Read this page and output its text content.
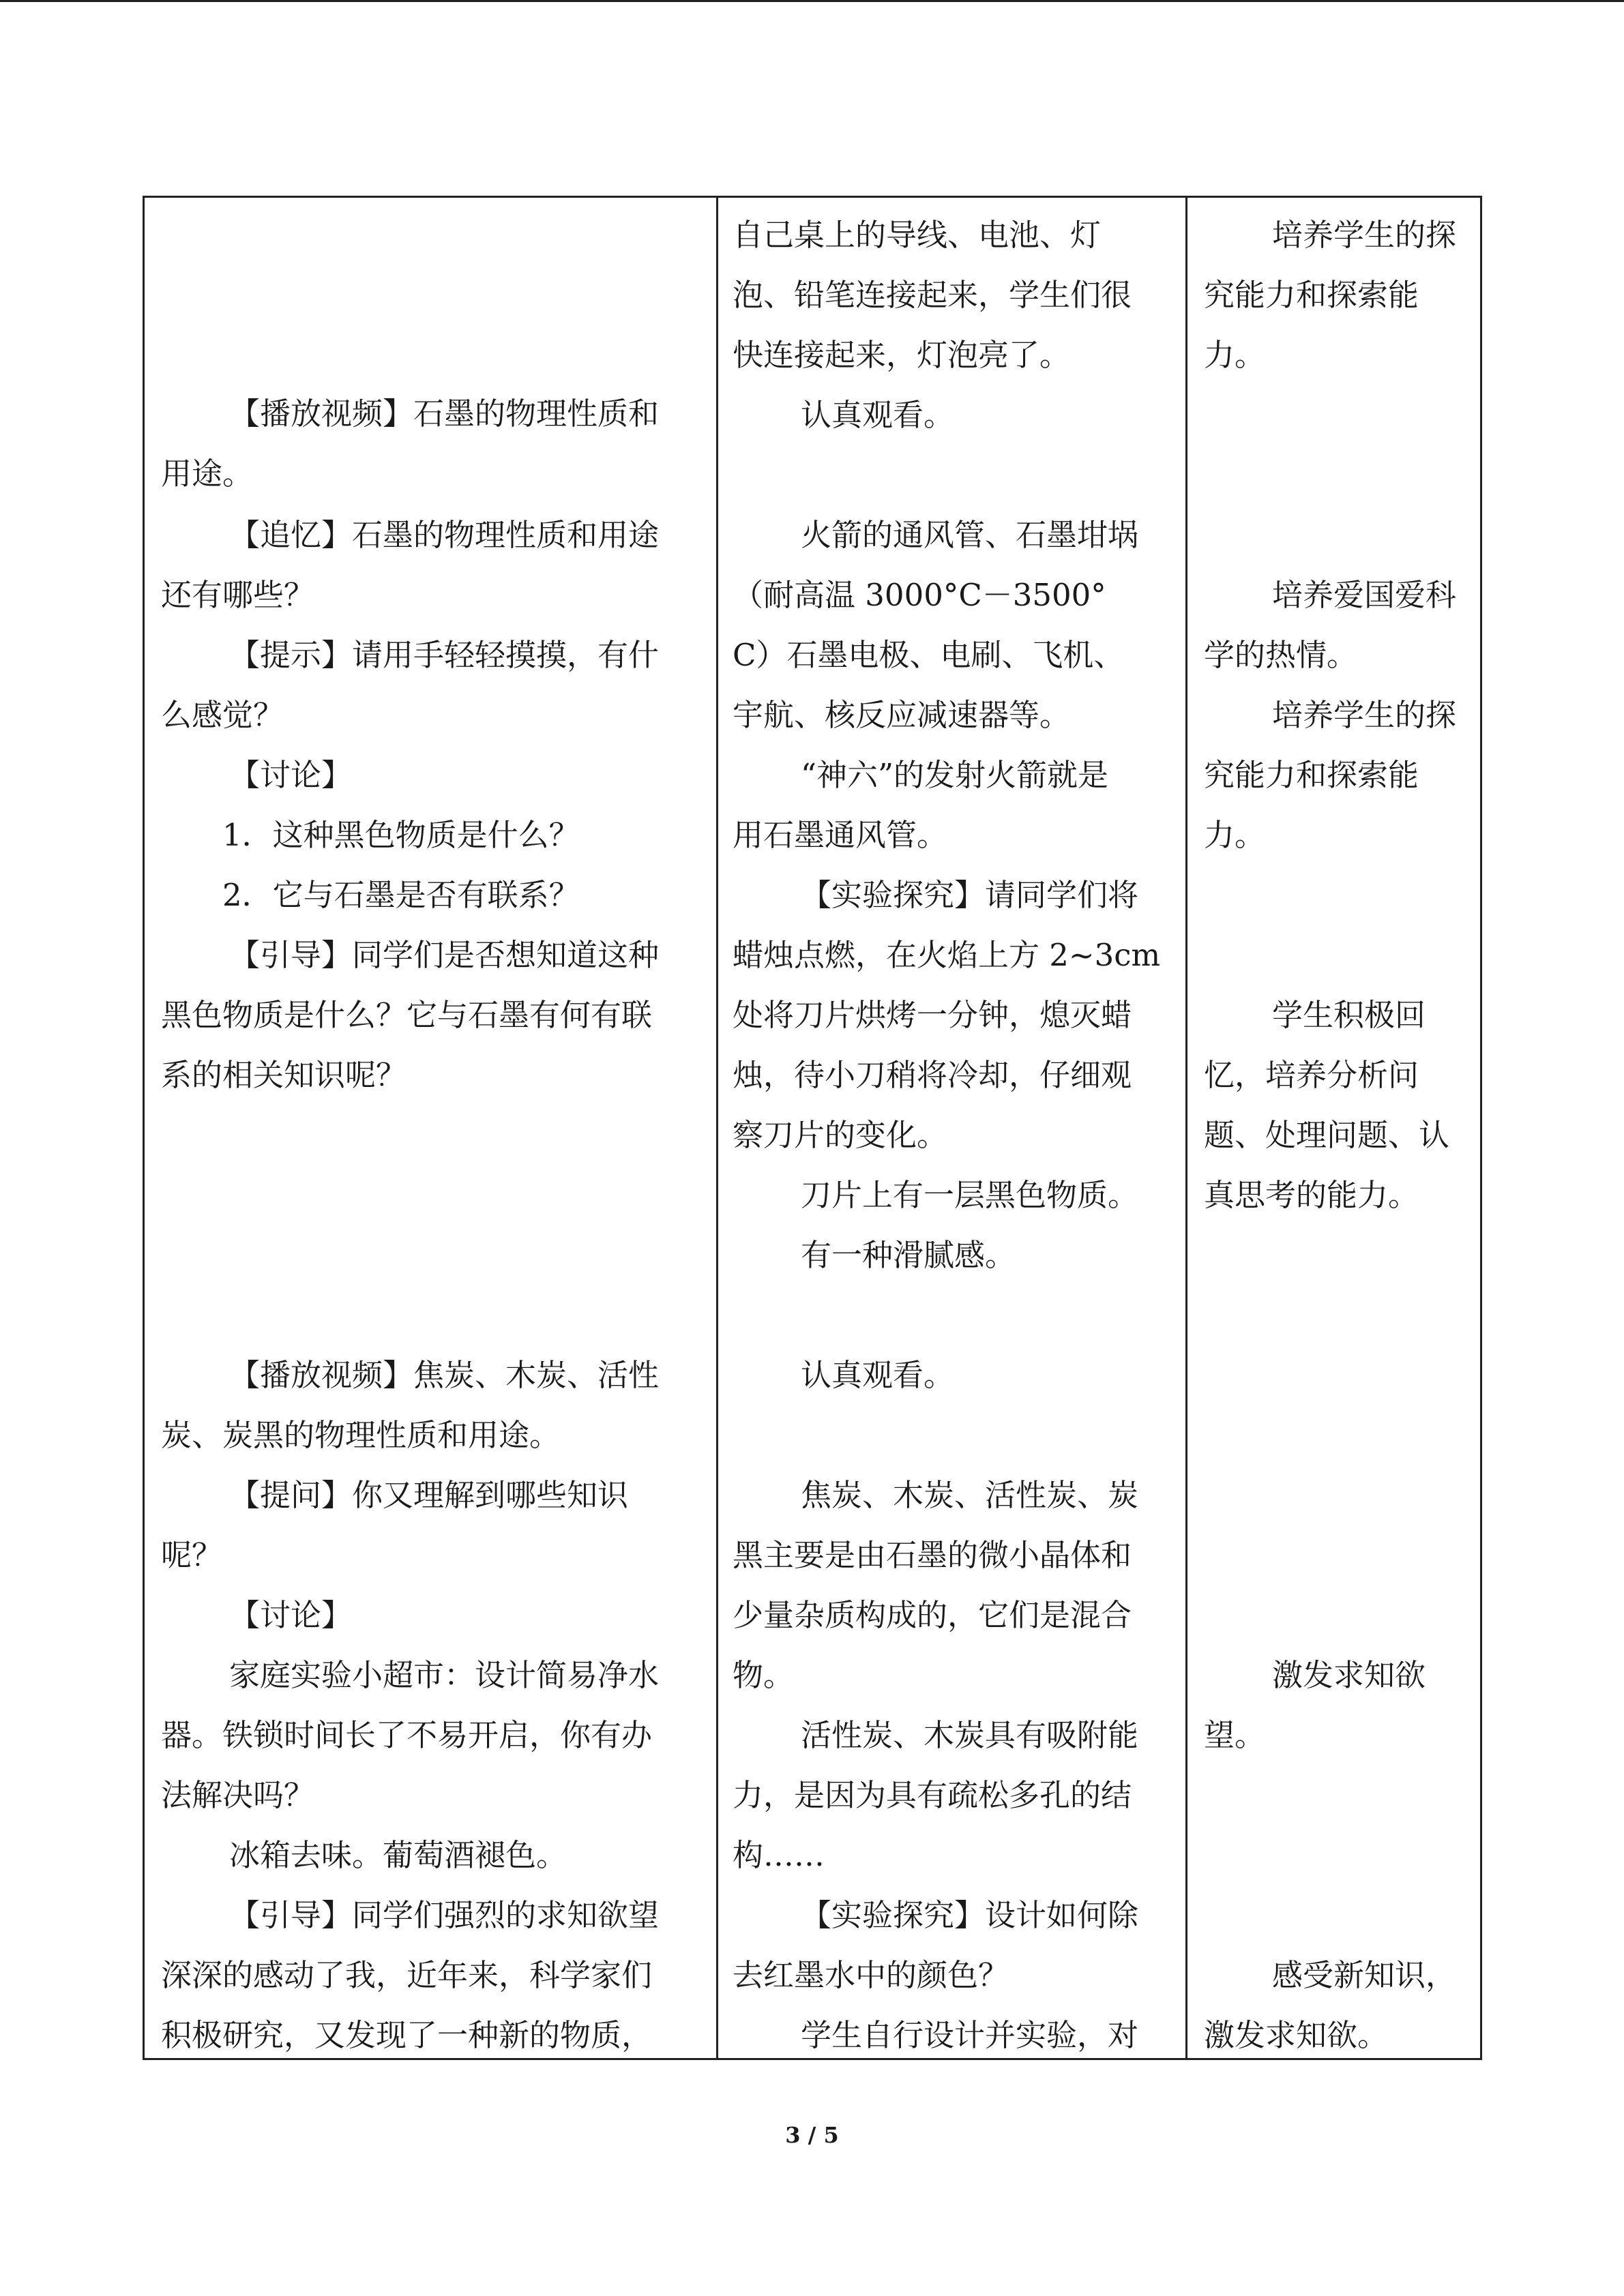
【播放视频】石墨的物理性质和
用途。
【追忆】石墨的物理性质和用途
还有哪些？
【提示】请用手轻轻摸摸，有什
么感觉？
【讨论】
1．这种黑色物质是什么？
2．它与石墨是否有联系？
【引导】同学们是否想知道这种
黑色物质是什么？它与石墨有何有联
系的相关知识呢？
【播放视频】焦炭、木炭、活性
炭、炭黑的物理性质和用途。
【提问】你又理解到哪些知识
呢？
【讨论】
家庭实验小超市：设计简易净水
器。铁锁时间长了不易开启，你有办
法解决吗？
冰箱去味。葡萄酒褪色。
【引导】同学们强烈的求知欲望
深深的感动了我，近年来，科学家们
积极研究，又发现了一种新的物质，
自己桌上的导线、电池、灯
泡、铅笔连接起来，学生们很
快连接起来，灯泡亮了。
认真观看。
火箭的通风管、石墨坩埚
（耐高温 3000°C－3500°
C）石墨电极、电刷、飞机、
宇航、核反应减速器等。
“神六”的发射火箭就是
用石墨通风管。
【实验探究】请同学们将
蜡烛点燃，在火焰上方 2~3cm
处将刀片烘烤一分钟，熄灭蜡
烛，待小刀稍将冷却，仔细观
察刀片的变化。
刀片上有一层黑色物质。
有一种滑腻感。
认真观看。
焦炭、木炭、活性炭、炭
黑主要是由石墨的微小晶体和
少量杂质构成的，它们是混合
物。
活性炭、木炭具有吸附能
力，是因为具有疏松多孔的结
构……
【实验探究】设计如何除
去红墨水中的颜色？
学生自行设计并实验，对
培养学生的探
究能力和探索能
力。
培养爱国爱科
学的热情。
培养学生的探
究能力和探索能
力。
学生积极回
忆，培养分析问
题、处理问题、认
真思考的能力。
激发求知欲
望。
感受新知识，
激发求知欲。
3 / 5
